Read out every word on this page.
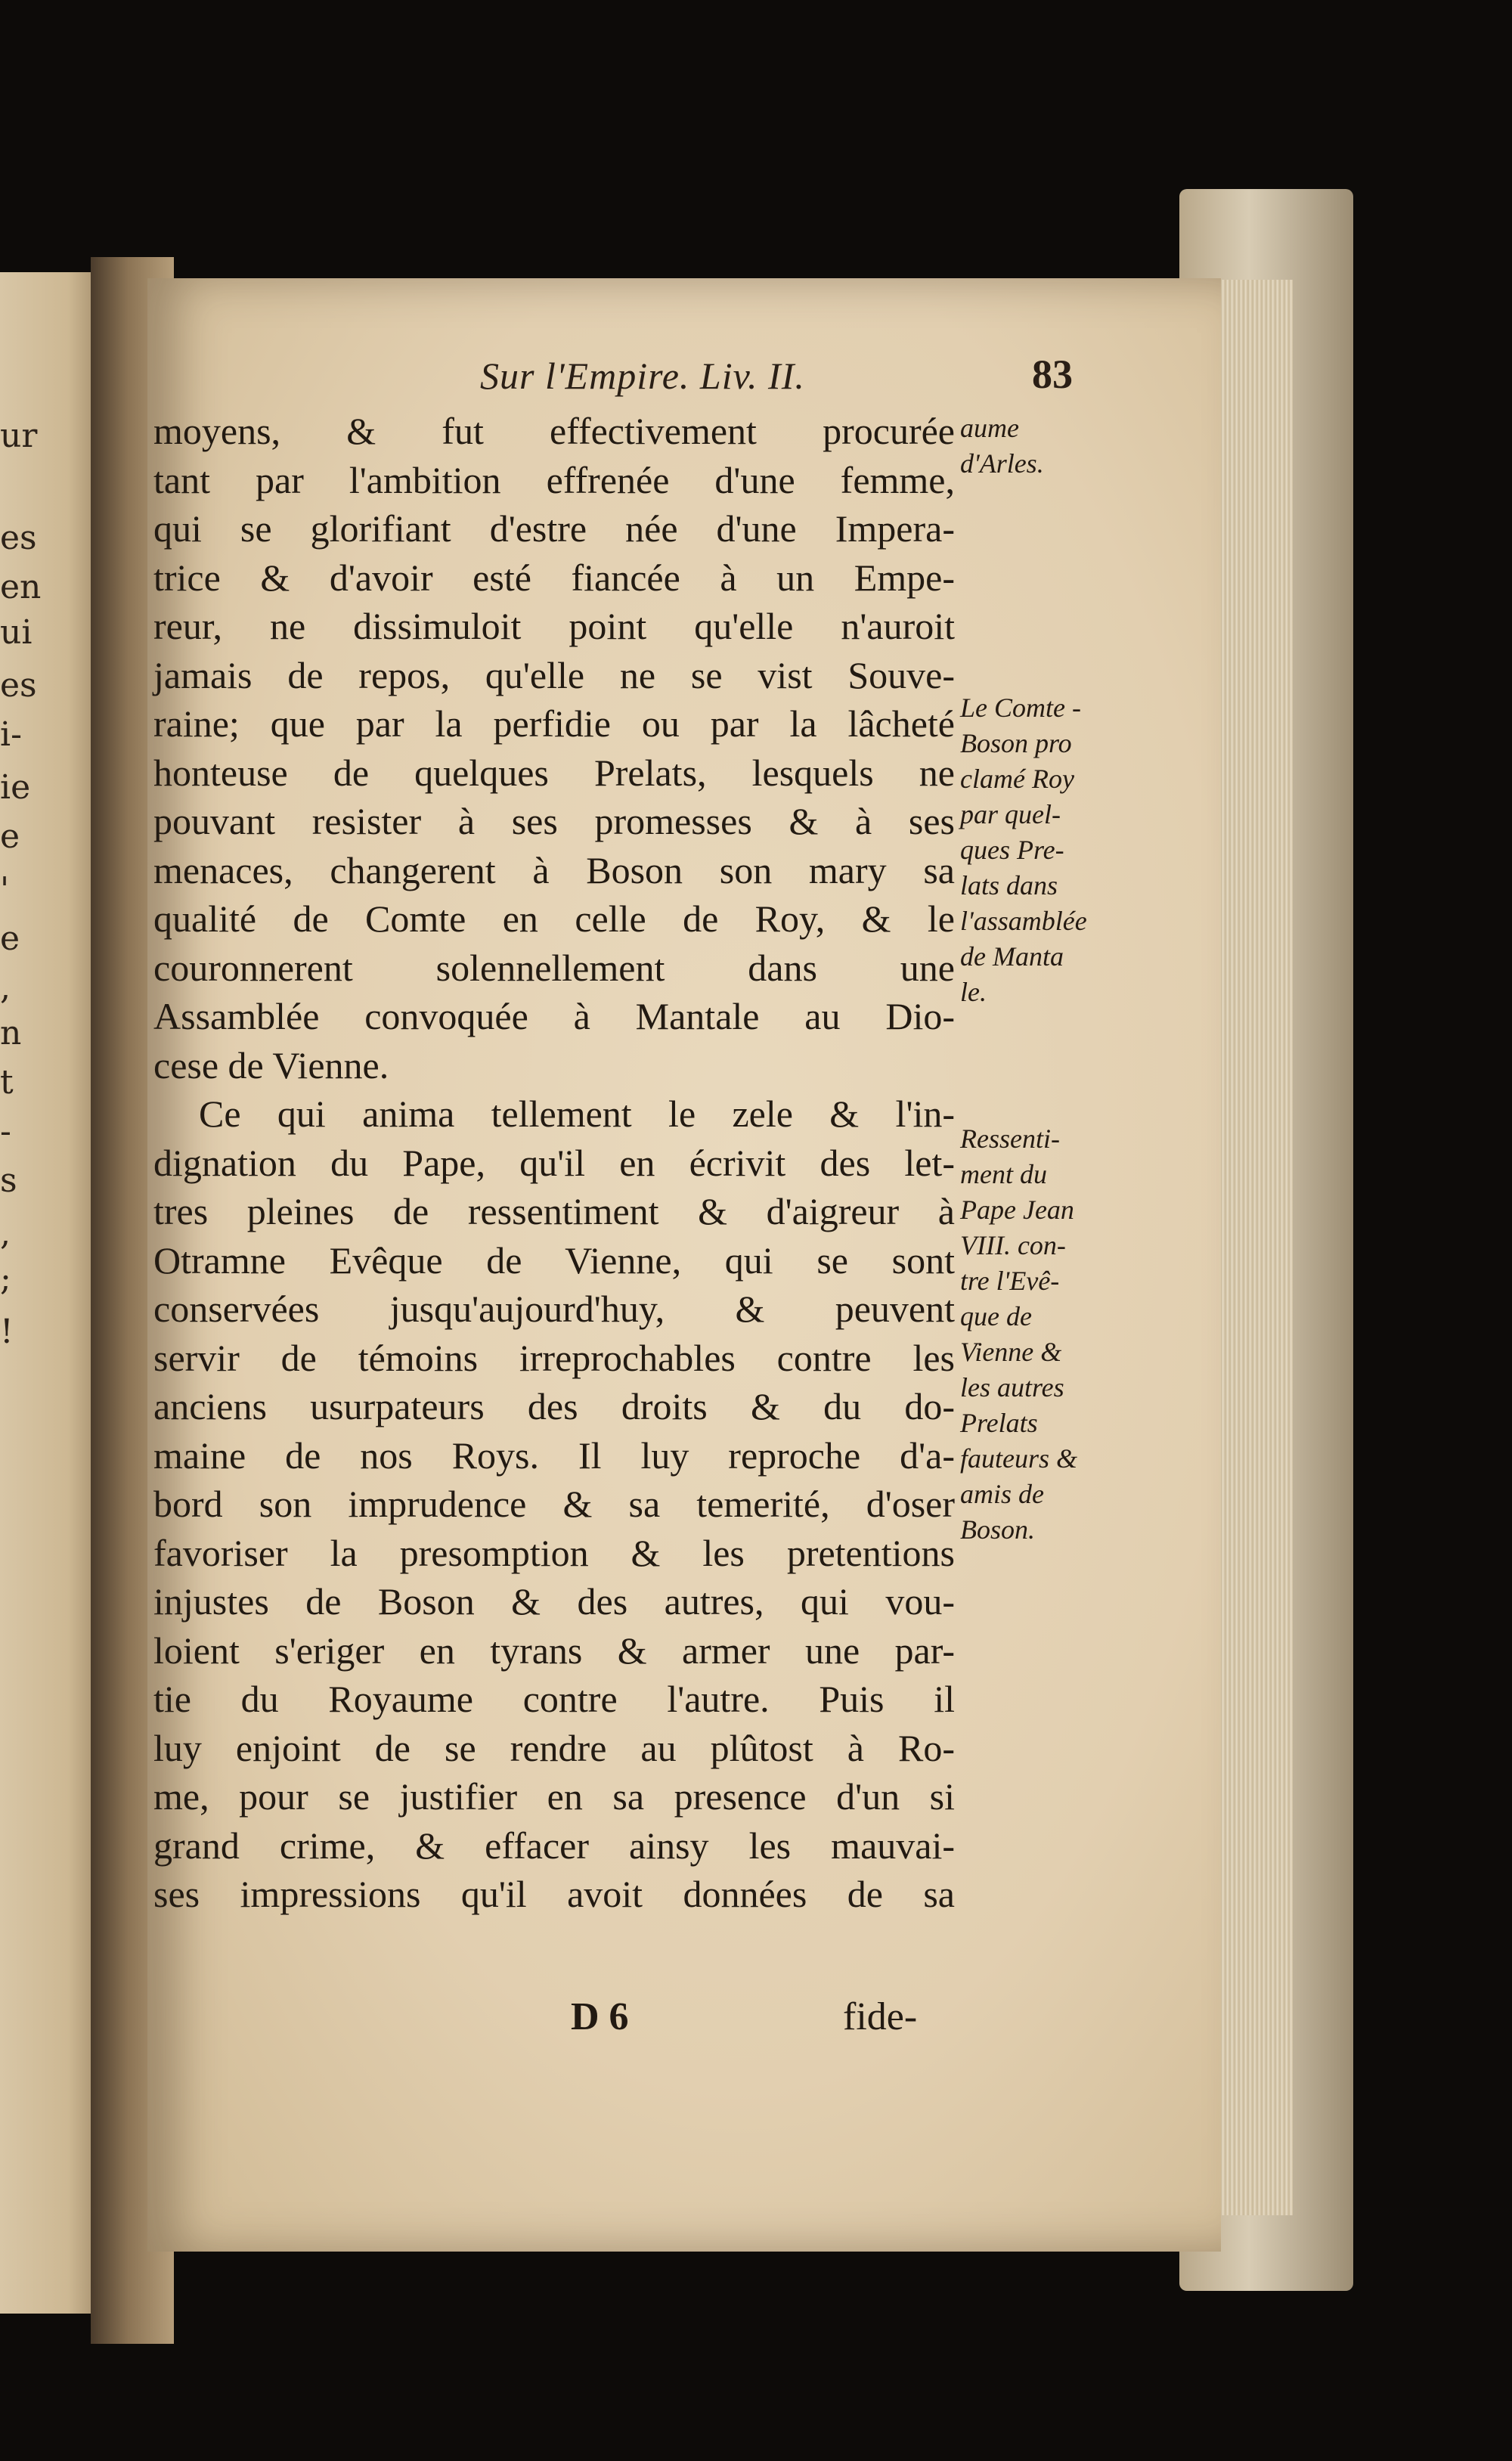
ur
es
en
ui
es
i-
ie
e
'
e
,
n
t
-
s
,
;
!
Sur l'Empire. Liv. II.	83
moyens, & fut effectivement procurée
tant par l'ambition effrenée d'une femme,
qui se glorifiant d'estre née d'une Impera-
trice & d'avoir esté fiancée à un Empe-
reur, ne dissimuloit point qu'elle n'auroit
jamais de repos, qu'elle ne se vist Souve-
raine; que par la perfidie ou par la lâcheté
honteuse de quelques Prelats, lesquels ne
pouvant resister à ses promesses & à ses
menaces, changerent à Boson son mary sa
qualité de Comte en celle de Roy, & le
couronnerent solennellement dans une
Assamblée convoquée à Mantale au Dio-
cese de Vienne.
Ce qui anima tellement le zele & l'in-
dignation du Pape, qu'il en écrivit des let-
tres pleines de ressentiment & d'aigreur à
Otramne Evêque de Vienne, qui se sont
conservées jusqu'aujourd'huy, & peuvent
servir de témoins irreprochables contre les
anciens usurpateurs des droits & du do-
maine de nos Roys. Il luy reproche d'a-
bord son imprudence & sa temerité, d'oser
favoriser la presomption & les pretentions
injustes de Boson & des autres, qui vou-
loient s'eriger en tyrans & armer une par-
tie du Royaume contre l'autre. Puis il
luy enjoint de se rendre au plûtost à Ro-
me, pour se justifier en sa presence d'un si
grand crime, & effacer ainsy les mauvai-
ses impressions qu'il avoit données de sa
aume
d'Arles.
Le Comte -
Boson pro
clamé Roy
par quel-
ques Pre-
lats dans
l'assamblée
de Manta
le.
Ressenti-
ment du
Pape Jean
VIII. con-
tre l'Evê-
que de
Vienne &
les autres
Prelats
fauteurs &
amis de
Boson.
D 6	fide-
